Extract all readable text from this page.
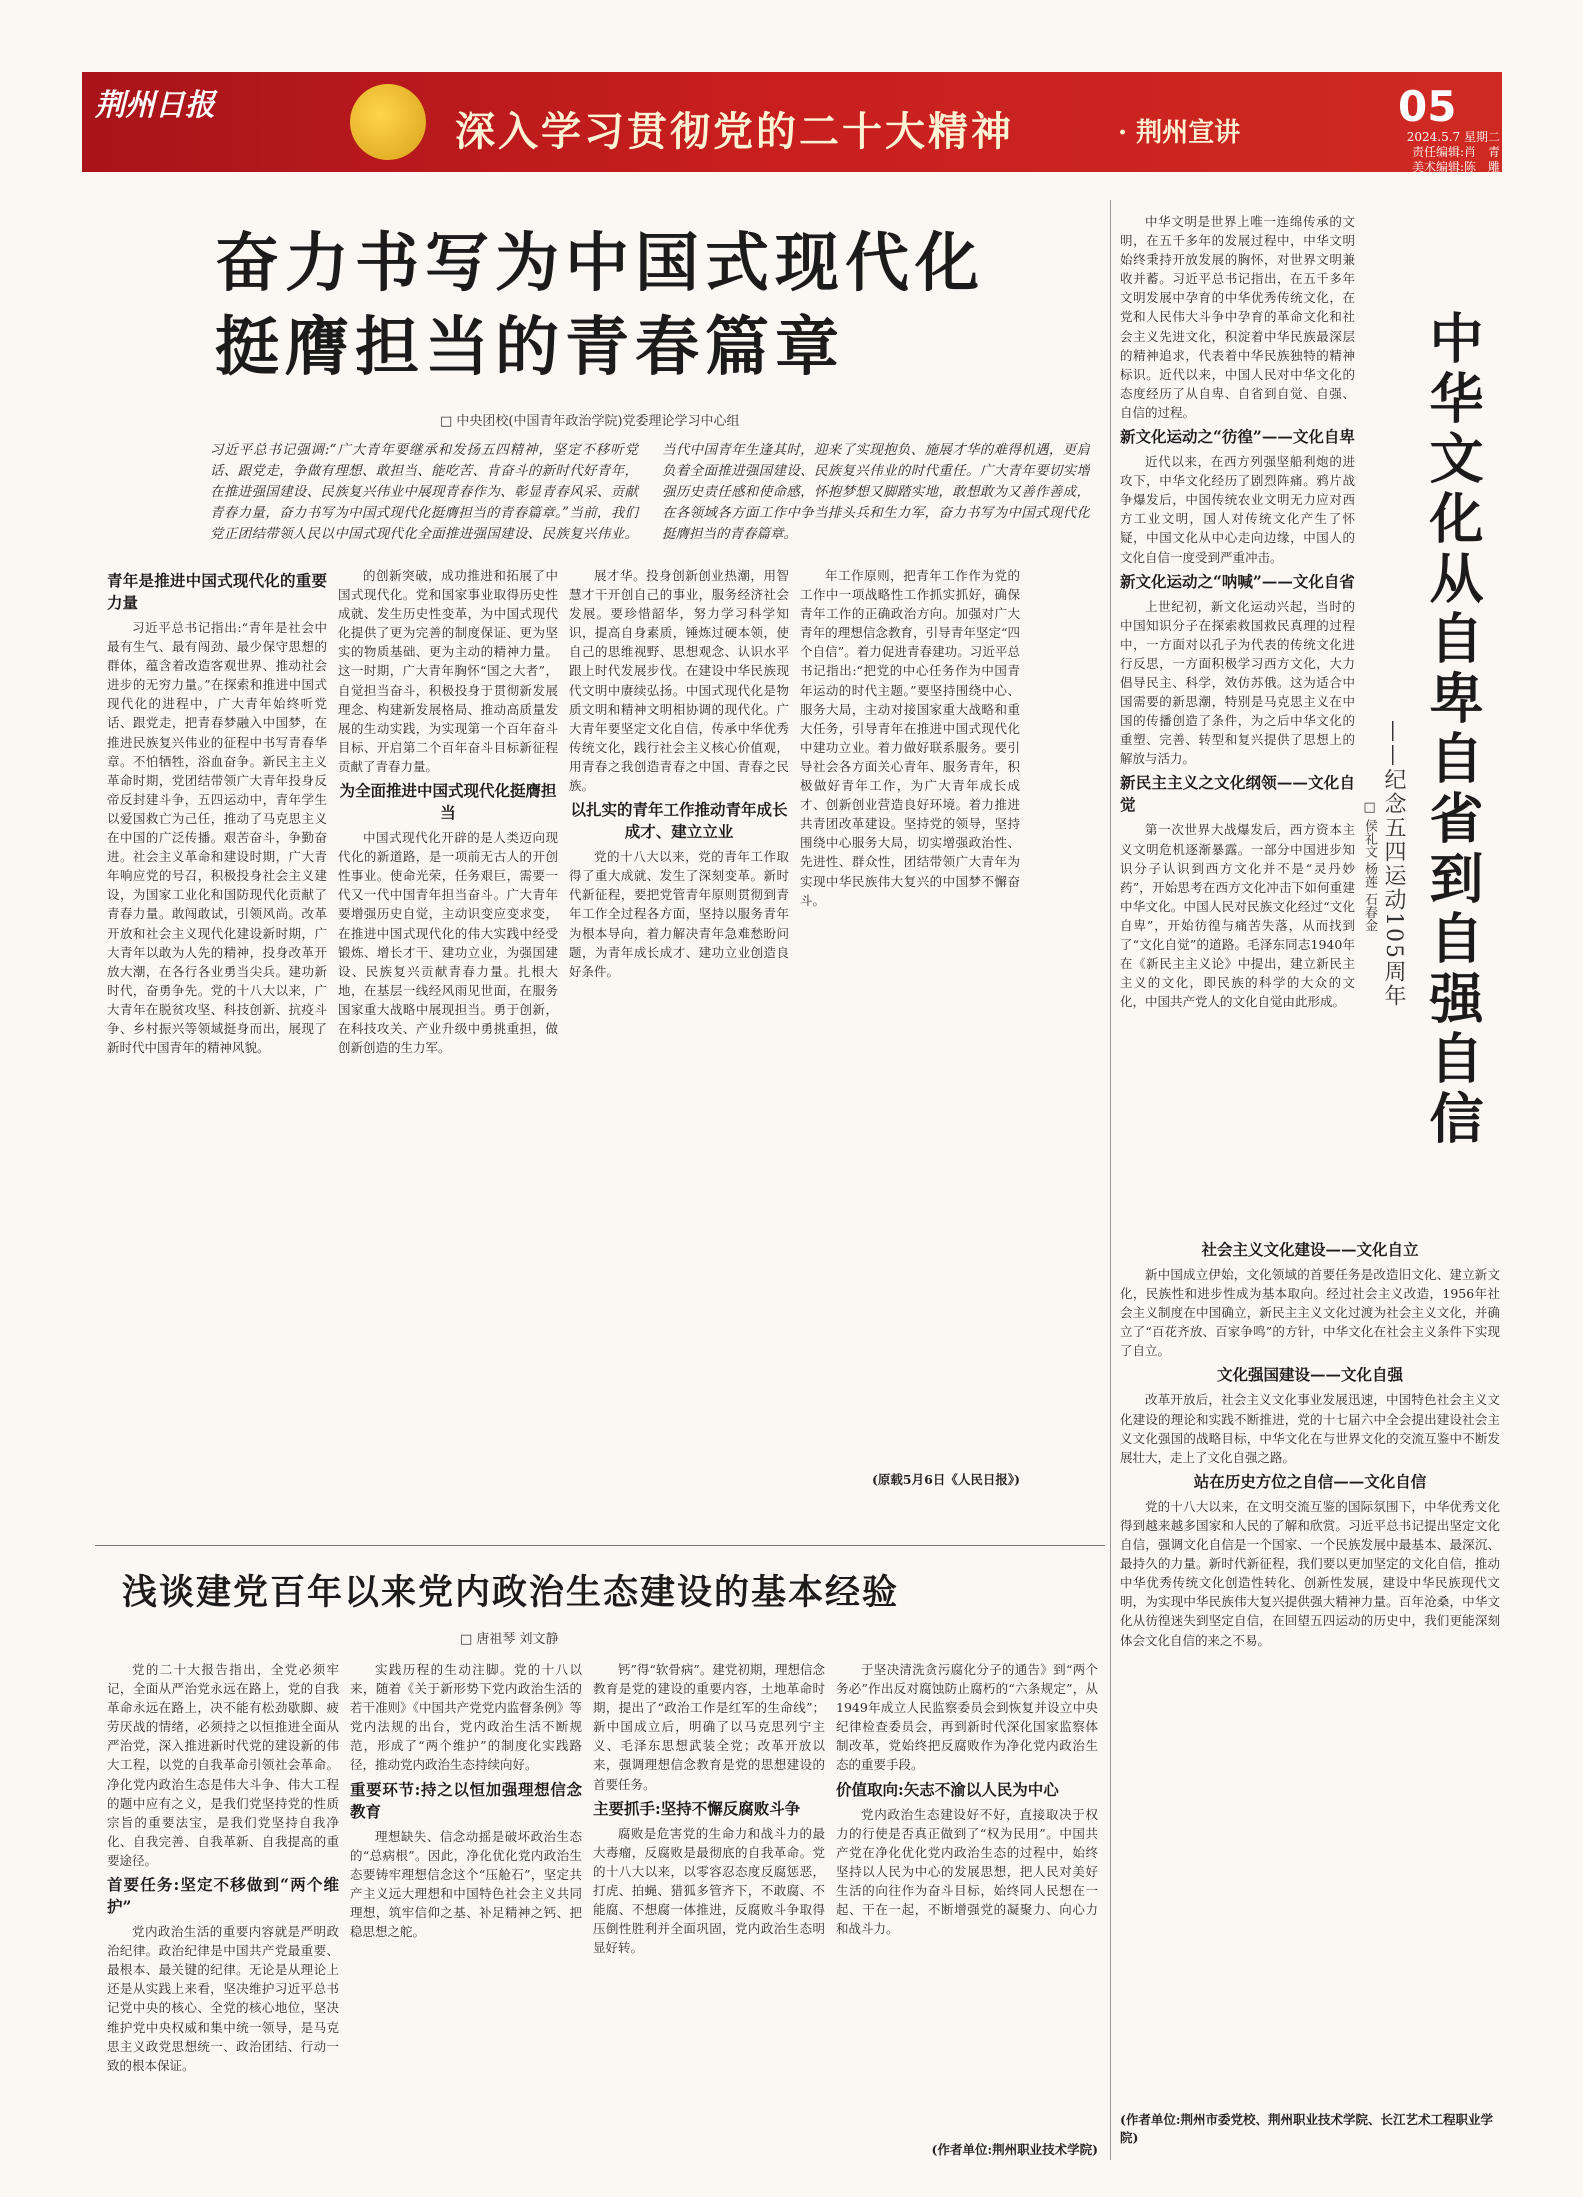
荆州日报
深入学习贯彻党的二十大精神	· 荆州宣讲
05
2024.5.7 星期二
责任编辑:肖　青
美术编辑:陈　雕
奋力书写为中国式现代化
挺膺担当的青春篇章
□ 中央团校(中国青年政治学院)党委理论学习中心组
习近平总书记强调:“广大青年要继承和发扬五四精神，坚定不移听党话、跟党走，争做有理想、敢担当、能吃苦、肯奋斗的新时代好青年，在推进强国建设、民族复兴伟业中展现青春作为、彰显青春风采、贡献青春力量，奋力书写为中国式现代化挺膺担当的青春篇章。”当前，我们党正团结带领人民以中国式现代化全面推进强国建设、民族复兴伟业。当代中国青年生逢其时，迎来了实现抱负、施展才华的难得机遇，更肩负着全面推进强国建设、民族复兴伟业的时代重任。广大青年要切实增强历史责任感和使命感，怀抱梦想又脚踏实地，敢想敢为又善作善成，在各领域各方面工作中争当排头兵和生力军，奋力书写为中国式现代化挺膺担当的青春篇章。
青年是推进中国式现代化的重要力量

习近平总书记指出:“青年是社会中最有生气、最有闯劲、最少保守思想的群体，蕴含着改造客观世界、推动社会进步的无穷力量。”在探索和推进中国式现代化的进程中，广大青年始终听党话、跟党走，把青春梦融入中国梦，在推进民族复兴伟业的征程中书写青春华章。不怕牺牲，浴血奋争。新民主主义革命时期，党团结带领广大青年投身反帝反封建斗争，五四运动中，青年学生以爱国救亡为己任，推动了马克思主义在中国的广泛传播。艰苦奋斗，争勤奋进。社会主义革命和建设时期，广大青年响应党的号召，积极投身社会主义建设，为国家工业化和国防现代化贡献了青春力量。敢闯敢试，引领风尚。改革开放和社会主义现代化建设新时期，广大青年以敢为人先的精神，投身改革开放大潮，在各行各业勇当尖兵。建功新时代，奋勇争先。党的十八大以来，广大青年在脱贫攻坚、科技创新、抗疫斗争、乡村振兴等领域挺身而出，展现了新时代中国青年的精神风貌。

的创新突破，成功推进和拓展了中国式现代化。党和国家事业取得历史性成就、发生历史性变革，为中国式现代化提供了更为完善的制度保证、更为坚实的物质基础、更为主动的精神力量。这一时期，广大青年胸怀“国之大者”，自觉担当奋斗，积极投身于贯彻新发展理念、构建新发展格局、推动高质量发展的生动实践，为实现第一个百年奋斗目标、开启第二个百年奋斗目标新征程贡献了青春力量。

为全面推进中国式现代化挺膺担当

中国式现代化开辟的是人类迈向现代化的新道路，是一项前无古人的开创性事业。使命光荣，任务艰巨，需要一代又一代中国青年担当奋斗。广大青年要增强历史自觉，主动识变应变求变，在推进中国式现代化的伟大实践中经受锻炼、增长才干、建功立业，为强国建设、民族复兴贡献青春力量。扎根大地，在基层一线经风雨见世面，在服务国家重大战略中展现担当。勇于创新，在科技攻关、产业升级中勇挑重担，做创新创造的生力军。

展才华。投身创新创业热潮，用智慧才干开创自己的事业，服务经济社会发展。要珍惜韶华，努力学习科学知识，提高自身素质，锤炼过硬本领，使自己的思维视野、思想观念、认识水平跟上时代发展步伐。在建设中华民族现代文明中赓续弘扬。中国式现代化是物质文明和精神文明相协调的现代化。广大青年要坚定文化自信，传承中华优秀传统文化，践行社会主义核心价值观，用青春之我创造青春之中国、青春之民族。

以扎实的青年工作推动青年成长成才、建立立业

党的十八大以来，党的青年工作取得了重大成就、发生了深刻变革。新时代新征程，要把党管青年原则贯彻到青年工作全过程各方面，坚持以服务青年为根本导向，着力解决青年急难愁盼问题，为青年成长成才、建功立业创造良好条件。

年工作原则，把青年工作作为党的工作中一项战略性工作抓实抓好，确保青年工作的正确政治方向。加强对广大青年的理想信念教育，引导青年坚定“四个自信”。着力促进青春建功。习近平总书记指出:“把党的中心任务作为中国青年运动的时代主题。”要坚持围绕中心、服务大局，主动对接国家重大战略和重大任务，引导青年在推进中国式现代化中建功立业。着力做好联系服务。要引导社会各方面关心青年、服务青年，积极做好青年工作，为广大青年成长成才、创新创业营造良好环境。着力推进共青团改革建设。坚持党的领导，坚持围绕中心服务大局，切实增强政治性、先进性、群众性，团结带领广大青年为实现中华民族伟大复兴的中国梦不懈奋斗。

(原载5月6日《人民日报》)

中华文明是世界上唯一连绵传承的文明，在五千多年的发展过程中，中华文明始终秉持开放发展的胸怀，对世界文明兼收并蓄。习近平总书记指出，在五千多年文明发展中孕育的中华优秀传统文化，在党和人民伟大斗争中孕育的革命文化和社会主义先进文化，积淀着中华民族最深层的精神追求，代表着中华民族独特的精神标识。近代以来，中国人民对中华文化的态度经历了从自卑、自省到自觉、自强、自信的过程。

新文化运动之“彷徨”——文化自卑

近代以来，在西方列强坚船利炮的进攻下，中华文化经历了剧烈阵痛。鸦片战争爆发后，中国传统农业文明无力应对西方工业文明，国人对传统文化产生了怀疑，中国文化从中心走向边缘，中国人的文化自信一度受到严重冲击。

新文化运动之“呐喊”——文化自省

上世纪初，新文化运动兴起，当时的中国知识分子在探索救国救民真理的过程中，一方面对以孔子为代表的传统文化进行反思，一方面积极学习西方文化，大力倡导民主、科学，效仿苏俄。这为适合中国需要的新思潮，特别是马克思主义在中国的传播创造了条件，为之后中华文化的重塑、完善、转型和复兴提供了思想上的解放与活力。

新民主主义之文化纲领——文化自觉

第一次世界大战爆发后，西方资本主义文明危机逐渐暴露。一部分中国进步知识分子认识到西方文化并不是“灵丹妙药”，开始思考在西方文化冲击下如何重建中华文化。中国人民对民族文化经过“文化自卑”，开始彷徨与痛苦失落，从而找到了“文化自觉”的道路。毛泽东同志1940年在《新民主主义论》中提出，建立新民主主义的文化，即民族的科学的大众的文化，中国共产党人的文化自觉由此形成。 中华文化从自卑自省到自强自信
——纪念五四运动105周年
□ 侯礼文 杨莲 石春金
社会主义文化建设——文化自立

新中国成立伊始，文化领域的首要任务是改造旧文化、建立新文化，民族性和进步性成为基本取向。经过社会主义改造，1956年社会主义制度在中国确立，新民主主义文化过渡为社会主义文化，并确立了“百花齐放、百家争鸣”的方针，中华文化在社会主义条件下实现了自立。

文化强国建设——文化自强

改革开放后，社会主义文化事业发展迅速，中国特色社会主义文化建设的理论和实践不断推进，党的十七届六中全会提出建设社会主义文化强国的战略目标，中华文化在与世界文化的交流互鉴中不断发展壮大，走上了文化自强之路。

站在历史方位之自信——文化自信

党的十八大以来，在文明交流互鉴的国际氛围下，中华优秀文化得到越来越多国家和人民的了解和欣赏。习近平总书记提出坚定文化自信，强调文化自信是一个国家、一个民族发展中最基本、最深沉、最持久的力量。新时代新征程，我们要以更加坚定的文化自信，推动中华优秀传统文化创造性转化、创新性发展，建设中华民族现代文明，为实现中华民族伟大复兴提供强大精神力量。百年沧桑，中华文化从彷徨迷失到坚定自信，在回望五四运动的历史中，我们更能深刻体会文化自信的来之不易。

(作者单位:荆州市委党校、荆州职业技术学院、长江艺术工程职业学院)
浅谈建党百年以来党内政治生态建设的基本经验
□ 唐祖琴 刘文静

党的二十大报告指出，全党必须牢记，全面从严治党永远在路上，党的自我革命永远在路上，决不能有松劲歇脚、疲劳厌战的情绪，必须持之以恒推进全面从严治党，深入推进新时代党的建设新的伟大工程，以党的自我革命引领社会革命。净化党内政治生态是伟大斗争、伟大工程的题中应有之义，是我们党坚持党的性质宗旨的重要法宝，是我们党坚持自我净化、自我完善、自我革新、自我提高的重要途径。

首要任务:坚定不移做到“两个维护”

党内政治生活的重要内容就是严明政治纪律。政治纪律是中国共产党最重要、最根本、最关键的纪律。无论是从理论上还是从实践上来看，坚决维护习近平总书记党中央的核心、全党的核心地位，坚决维护党中央权威和集中统一领导，是马克思主义政党思想统一、政治团结、行动一致的根本保证。

实践历程的生动注脚。党的十八以来，随着《关于新形势下党内政治生活的若干准则》《中国共产党党内监督条例》等党内法规的出台，党内政治生活不断规范，形成了“两个维护”的制度化实践路径，推动党内政治生态持续向好。

重要环节:持之以恒加强理想信念教育

理想缺失、信念动摇是破坏政治生态的“总病根”。因此，净化优化党内政治生态要铸牢理想信念这个“压舱石”，坚定共产主义远大理想和中国特色社会主义共同理想，筑牢信仰之基、补足精神之钙、把稳思想之舵。

钙”得“软骨病”。建党初期，理想信念教育是党的建设的重要内容，土地革命时期，提出了“政治工作是红军的生命线”；新中国成立后，明确了以马克思列宁主义、毛泽东思想武装全党；改革开放以来，强调理想信念教育是党的思想建设的首要任务。

主要抓手:坚持不懈反腐败斗争

腐败是危害党的生命力和战斗力的最大毒瘤，反腐败是最彻底的自我革命。党的十八大以来，以零容忍态度反腐惩恶，打虎、拍蝇、猎狐多管齐下，不敢腐、不能腐、不想腐一体推进，反腐败斗争取得压倒性胜利并全面巩固，党内政治生态明显好转。

于坚决清洗贪污腐化分子的通告》到“两个务必”作出反对腐蚀防止腐朽的“六条规定”，从1949年成立人民监察委员会到恢复并设立中央纪律检查委员会，再到新时代深化国家监察体制改革，党始终把反腐败作为净化党内政治生态的重要手段。

价值取向:矢志不渝以人民为中心

党内政治生态建设好不好，直接取决于权力的行使是否真正做到了“权为民用”。中国共产党在净化优化党内政治生态的过程中，始终坚持以人民为中心的发展思想，把人民对美好生活的向往作为奋斗目标，始终同人民想在一起、干在一起，不断增强党的凝聚力、向心力和战斗力。

(作者单位:荆州职业技术学院)
